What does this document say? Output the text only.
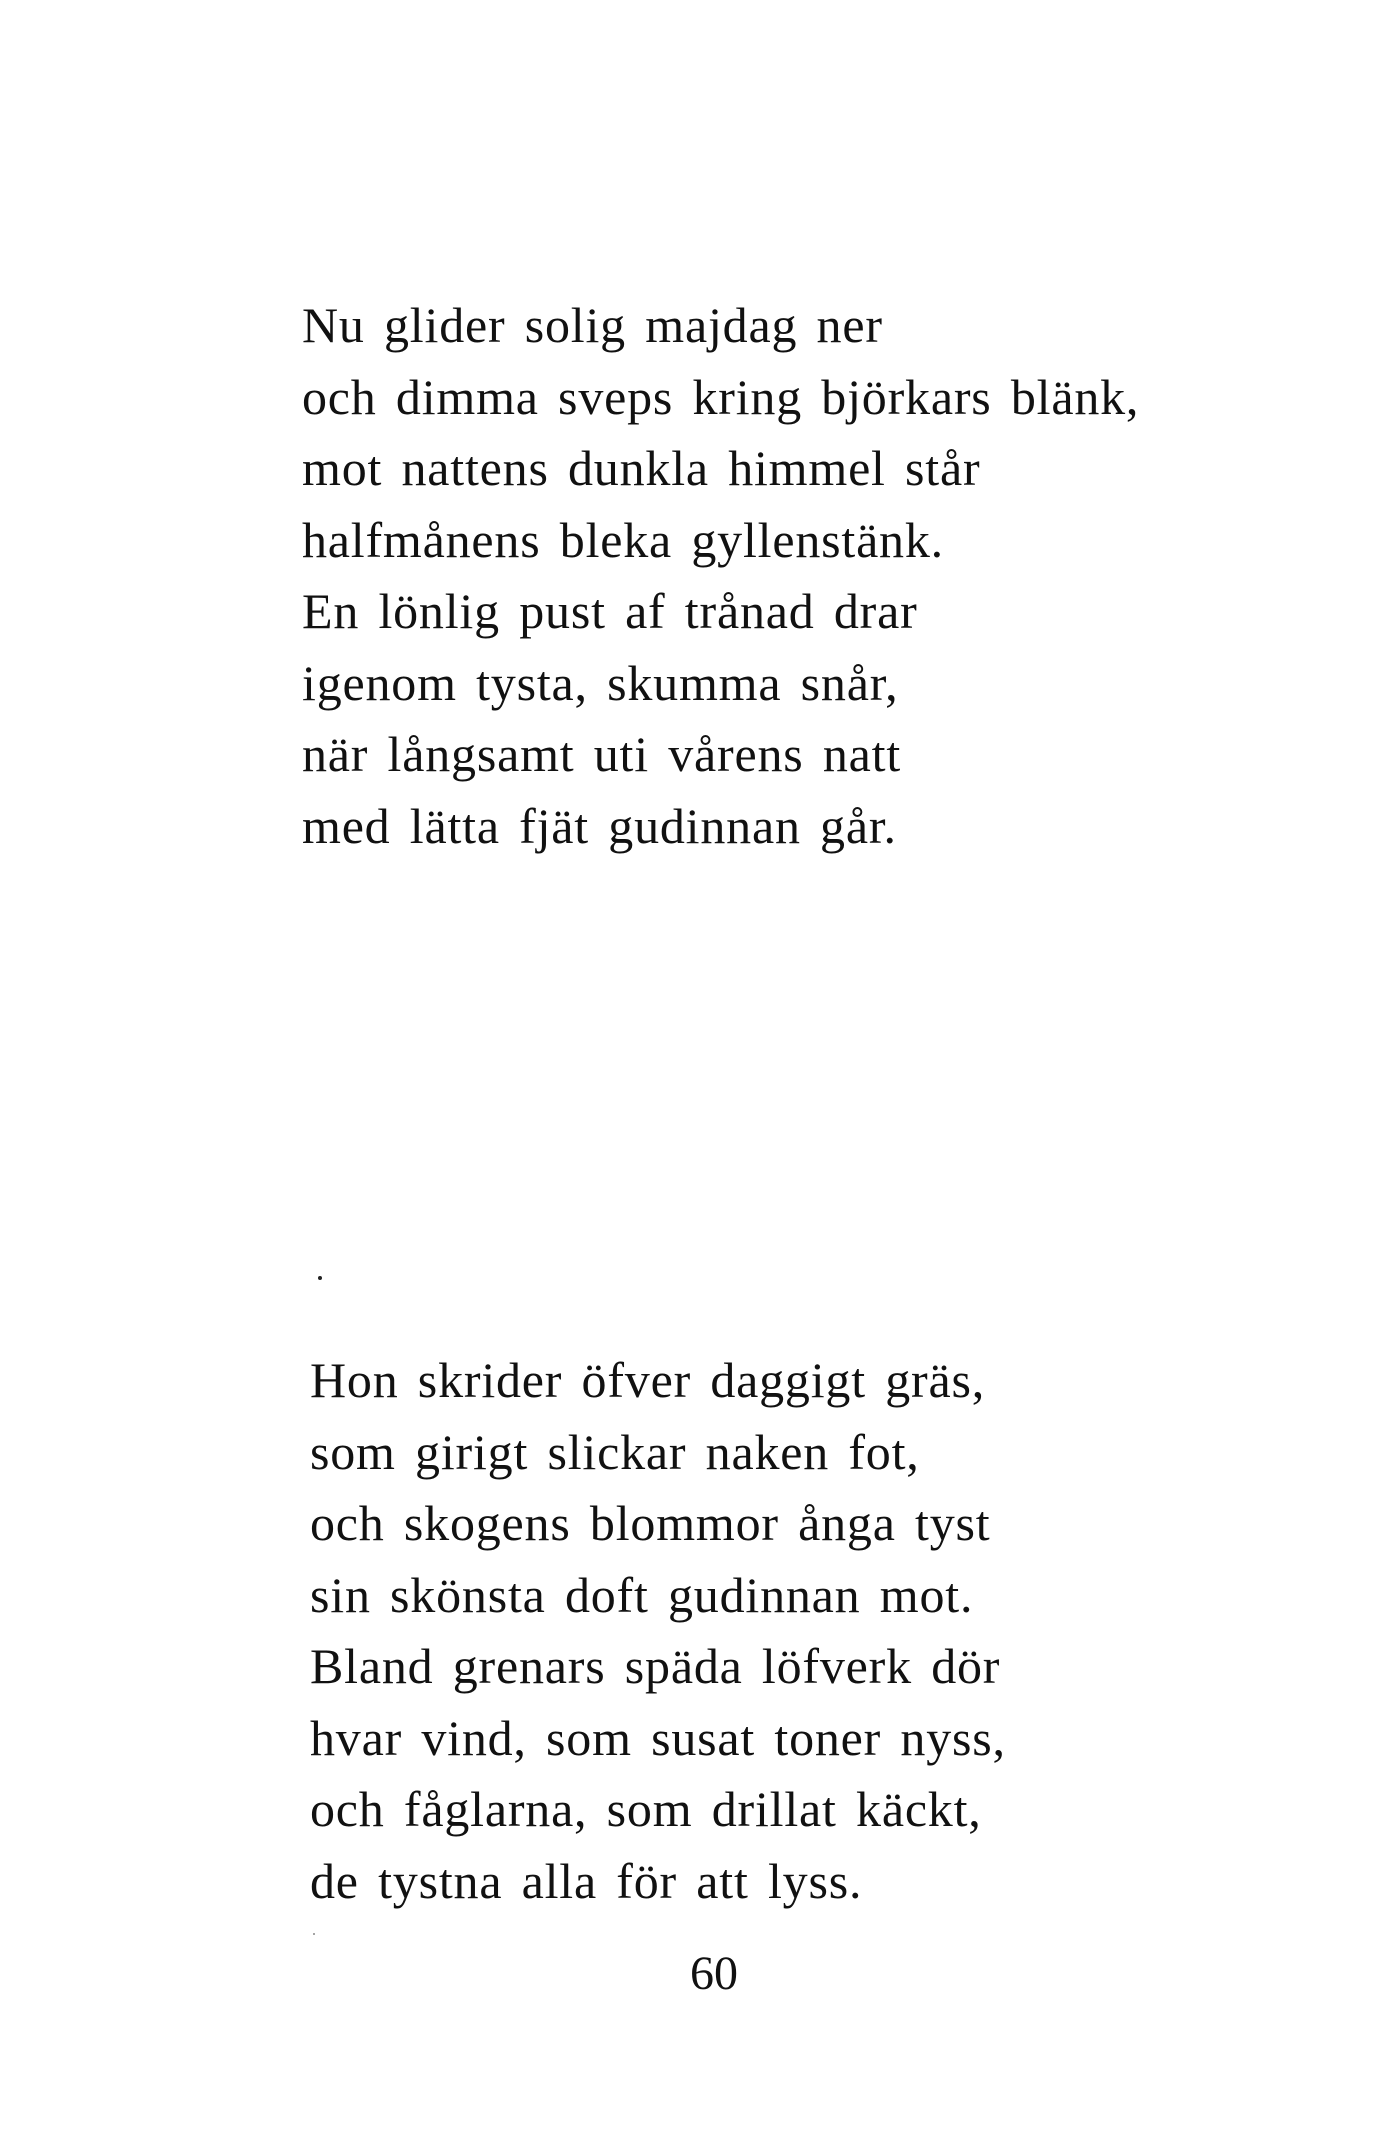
Nu glider solig majdag ner
och dimma sveps kring björkars blänk,
mot nattens dunkla himmel står
halfmånens bleka gyllenstänk.
En lönlig pust af trånad drar
igenom tysta, skumma snår,
när långsamt uti vårens natt
med lätta fjät gudinnan går.
Hon skrider öfver daggigt gräs,
som girigt slickar naken fot,
och skogens blommor ånga tyst
sin skönsta doft gudinnan mot.
Bland grenars späda löfverk dör
hvar vind, som susat toner nyss,
och fåglarna, som drillat käckt,
de tystna alla för att lyss.
60
